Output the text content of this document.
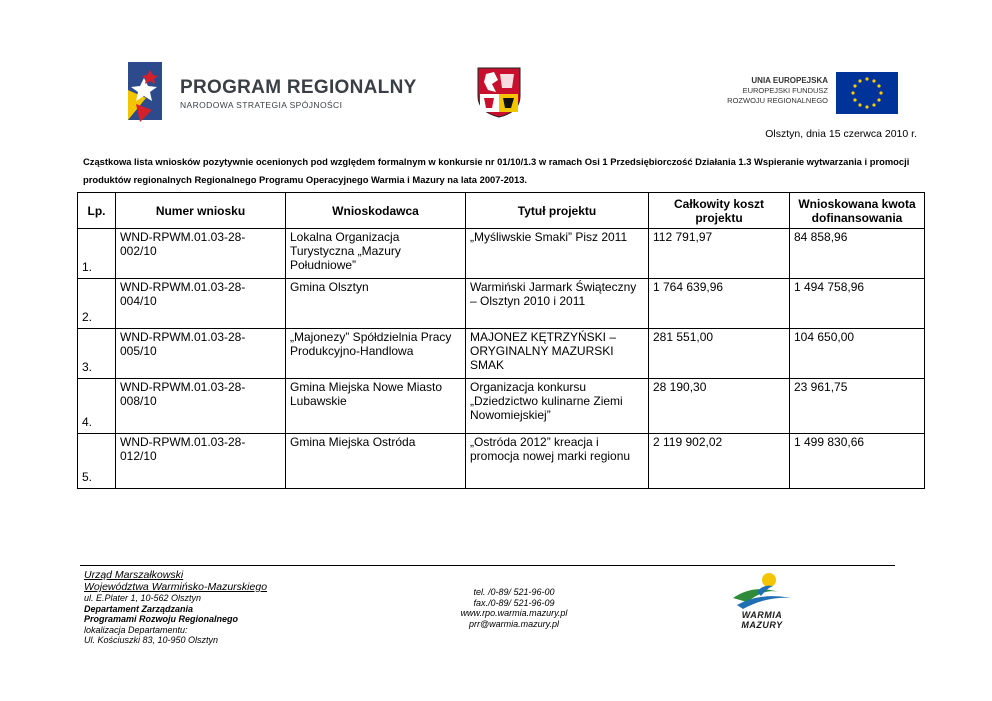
PROGRAM REGIONALNY
NARODOWA STRATEGIA SPÓJNOŚCI
UNIA EUROPEJSKA
EUROPEJSKI FUNDUSZ
ROZWOJU REGIONALNEGO
Olsztyn, dnia 15 czerwca 2010 r.
Cząstkowa lista wniosków pozytywnie ocenionych pod względem formalnym w konkursie nr 01/10/1.3 w ramach Osi 1 Przedsiębiorczość Działania 1.3 Wspieranie wytwarzania i promocji produktów regionalnych Regionalnego Programu Operacyjnego Warmia i Mazury na lata 2007-2013.
Lp.	Numer wniosku	Wnioskodawca	Tytuł projektu	Całkowity koszt projektu	Wnioskowana kwota dofinansowania
1.	WND-RPWM.01.03-28-002/10	Lokalna Organizacja Turystyczna „Mazury Południowe”	„Myśliwskie Smaki” Pisz 2011	112 791,97	84 858,96
2.	WND-RPWM.01.03-28-004/10	Gmina Olsztyn	Warmiński Jarmark Świąteczny – Olsztyn 2010 i 2011	1 764 639,96	1 494 758,96
3.	WND-RPWM.01.03-28-005/10	„Majonezy” Spółdzielnia Pracy Produkcyjno-Handlowa	MAJONEZ KĘTRZYŃSKI – ORYGINALNY MAZURSKI SMAK	281 551,00	104 650,00
4.	WND-RPWM.01.03-28-008/10	Gmina Miejska Nowe Miasto Lubawskie	Organizacja konkursu „Dziedzictwo kulinarne Ziemi Nowomiejskiej”	28 190,30	23 961,75
5.	WND-RPWM.01.03-28-012/10	Gmina Miejska Ostróda	„Ostróda 2012” kreacja i promocja nowej marki regionu	2 119 902,02	1 499 830,66
Urząd Marszałkowski
Województwa Warmińsko-Mazurskiego
ul. E.Plater 1, 10-562 Olsztyn
Departament Zarządzania
Programami Rozwoju Regionalnego
lokalizacja Departamentu:
Ul. Kościuszki 83, 10-950 Olsztyn
tel. /0-89/ 521-96-00
fax./0-89/ 521-96-09
www.rpo.warmia.mazury.pl
prr@warmia.mazury.pl
WARMIA
MAZURY
